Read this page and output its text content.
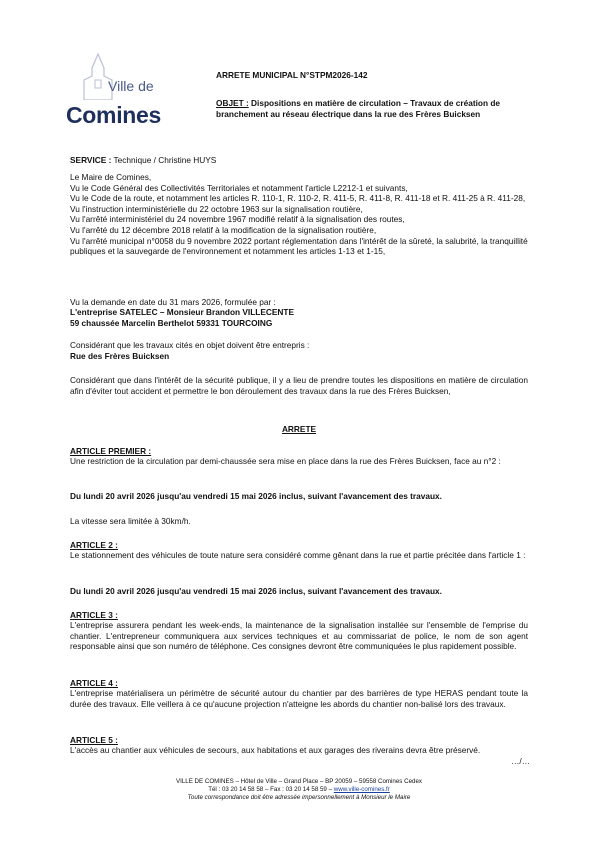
Ville de
Comines

ARRETE MUNICIPAL N°STPM2026-142

OBJET : Dispositions en matière de circulation – Travaux de création de branchement au réseau électrique dans la rue des Frères Buicksen

SERVICE : Technique / Christine HUYS

Le Maire de Comines,

Vu le Code Général des Collectivités Territoriales et notamment l'article L2212-1 et suivants,

Vu le Code de la route, et notamment les articles R. 110-1, R. 110-2, R. 411-5, R. 411-8, R. 411-18 et R. 411-25 à R. 411-28,

Vu l'instruction interministérielle du 22 octobre 1963 sur la signalisation routière,

Vu l'arrêté interministériel du 24 novembre 1967 modifié relatif à la signalisation des routes,

Vu l'arrêté du 12 décembre 2018 relatif à la modification de la signalisation routière,

Vu l'arrêté municipal n°0058 du 9 novembre 2022 portant réglementation dans l'intérêt de la sûreté, la salubrité, la tranquillité publiques et la sauvegarde de l'environnement et notamment les articles 1-13 et 1-15,

Vu la demande en date du 31 mars 2026, formulée par :

L'entreprise SATELEC – Monsieur Brandon VILLECENTE

59 chaussée Marcelin Berthelot 59331 TOURCOING

Considérant que les travaux cités en objet doivent être entrepris :

Rue des Frères Buicksen

Considérant que dans l'intérêt de la sécurité publique, il y a lieu de prendre toutes les dispositions en matière de circulation afin d'éviter tout accident et permettre le bon déroulement des travaux dans la rue des Frères Buicksen,

ARRETE

ARTICLE PREMIER :

Une restriction de la circulation par demi-chaussée sera mise en place dans la rue des Frères Buicksen, face au n°2 :

Du lundi 20 avril 2026 jusqu'au vendredi 15 mai 2026 inclus, suivant l'avancement des travaux.

La vitesse sera limitée à 30km/h.

ARTICLE 2 :

Le stationnement des véhicules de toute nature sera considéré comme gênant dans la rue et partie précitée dans l'article 1 :

Du lundi 20 avril 2026 jusqu'au vendredi 15 mai 2026 inclus, suivant l'avancement des travaux.

ARTICLE 3 :

L'entreprise assurera pendant les week-ends, la maintenance de la signalisation installée sur l'ensemble de l'emprise du chantier. L'entrepreneur communiquera aux services techniques et au commissariat de police, le nom de son agent responsable ainsi que son numéro de téléphone. Ces consignes devront être communiquées le plus rapidement possible.

ARTICLE 4 :

L'entreprise matérialisera un périmètre de sécurité autour du chantier par des barrières de type HERAS pendant toute la durée des travaux. Elle veillera à ce qu'aucune projection n'atteigne les abords du chantier non-balisé lors des travaux.

ARTICLE 5 :

L'accès au chantier aux véhicules de secours, aux habitations et aux garages des riverains devra être préservé.

…/…

VILLE DE COMINES – Hôtel de Ville – Grand Place – BP 20059 – 59558 Comines Cedex

Tél : 03 20 14 58 58 – Fax : 03 20 14 58 59 – www.ville-comines.fr

Toute correspondance doit être adressée impersonnellement à Monsieur le Maire
